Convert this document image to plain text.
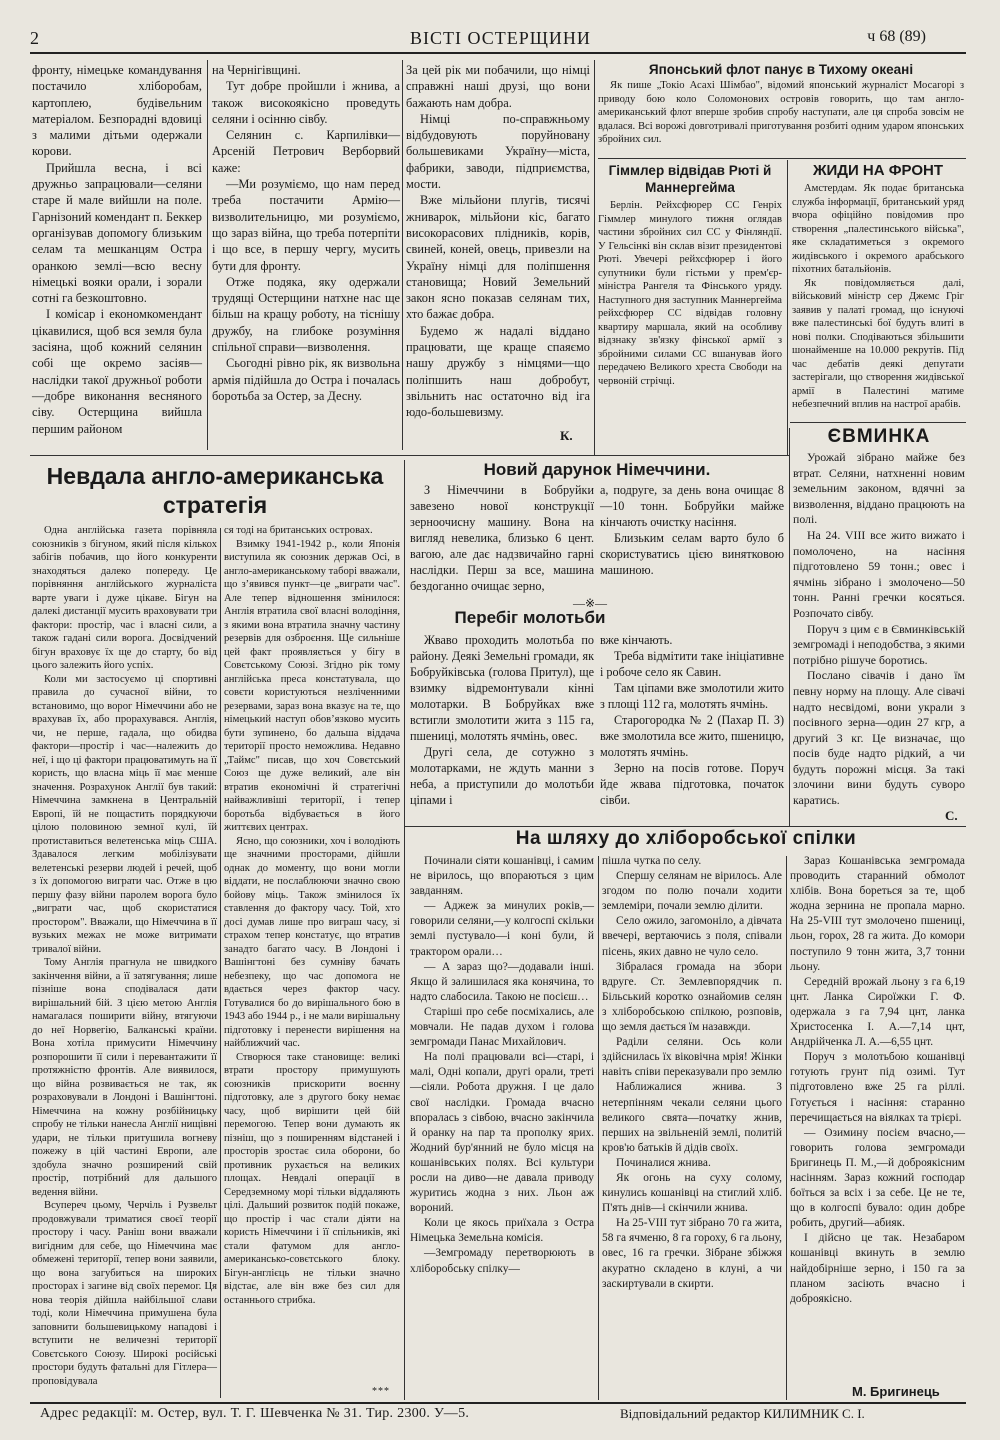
2	ВІСТІ ОСТЕРЩИНИ	ч 68 (89)

фронту, німецьке командування постачило хліборобам, картоплею, будівельним матеріалом. Безпорадні вдовиці з малими дітьми одержали корови.

Прийшла весна, і всі дружньо запрацювали—селяни старе й мале вийшли на поле. Гарнізоний комендант п. Беккер організував допомогу близьким селам та мешканцям Остра оранкою землі—всю весну німецькі вояки орали, і зорали сотні га безкоштовно.

І комісар і економкомендант цікавилися, щоб вся земля була засіяна, щоб кожний селянин собі ще окремо засіяв—наслідки такої дружньої роботи—добре виконання весняного сіву. Остерщина вийшла першим районом

на Чернігівщині.

Тут добре пройшли і жнива, а також високоякісно проведуть селяни і осінню сівбу.

Селянин с. Карпилівки—Арсеній Петрович Верборвий каже:

—Ми розуміємо, що нам перед треба постачити Армію—визволительницю, ми розуміємо, що зараз війна, що треба потерпіти і що все, в першу чергу, мусить бути для фронту.

Отже подяка, яку одержали трудящі Остерщини натхне нас ще більш на кращу роботу, на тіснішу дружбу, на глибоке розуміння спільної справи—визволення.

Сьогодні рівно рік, як визвольна армія підійшла до Остра і почалась боротьба за Остер, за Десну.

За цей рік ми побачили, що німці справжні наші друзі, що вони бажають нам добра.

Німці по-справжньому відбудовують поруйновану большевиками Україну—міста, фабрики, заводи, підприємства, мости.

Вже мільйони плугів, тисячі жниварок, мільйони кіс, багато високорасових плідників, корів, свиней, коней, овець, привезли на Україну німці для поліпшення становища; Новий Земельний закон ясно показав селянам тих, хто бажає добра.

Будемо ж надалі віддано працювати, ще краще спаяємо нашу дружбу з німцями—що поліпшить наш добробут, звільнить нас остаточно від іга юдо-большевизму.

К.
Японський флот панує в Тихому океані

Як пише „Токіо Асахі Шімбао", відомий японський журналіст Мосагорі з приводу бою коло Соломонових островів говорить, що там англо-американський флот вперше зробив спробу наступати, але ця спроба зовсім не вдалася. Всі ворожі довготривалі приготування розбиті одним ударом японських збройних сил.

Гіммлер відвідав Рюті й Маннергейма

Берлін. Рейхсфюрер СС Генріх Гіммлер минулого тижня оглядав частини збройних сил СС у Фінляндії. У Гельсінкі він склав візит президентові Рюті. Увечері рейхсфюрер і його супутники були гістьми у прем'єр-міністра Рангеля та Фінського уряду. Наступного дня заступник Маннергейма рейхсфюрер СС відвідав головну квартиру маршала, який на особливу відзнаку зв'язку фінської армії з збройними силами СС вшанував його передачею Великого хреста Свободи на червоній стрічці.

ЖИДИ НА ФРОНТ

Амстердам. Як подає британська служба інформації, британський уряд вчора офіційно повідомив про створення „палестинського війська", яке складатиметься з окремого жидівського і окремого арабського піхотних батальйонів.

Як повідомляється далі, військовий міністр сер Джемс Гріг заявив у палаті громад, що існуючі вже палестинські бої будуть влиті в нові полки. Сподіваються збільшити шонайменше на 10.000 рекрутів. Під час дебатів деякі депутати застерігали, що створення жидівської армії в Палестині матиме небезпечний вплив на настрої арабів.

Невдала англо-американська
стратегія

Одна англійська газета порівняла союзників з бігуном, який після кількох забігів побачив, що його конкуренти знаходяться далеко попереду. Це порівняння англійського журналіста варте уваги і дуже цікаве. Бігун на далекі дистанції мусить враховувати три фактори: простір, час і власні сили, а також гадані сили ворога. Досвідчений бігун враховує їх ще до старту, бо від цього залежить його успіх.

Коли ми застосуємо ці спортивні правила до сучасної війни, то встановимо, що ворог Німеччини або не врахував їх, або прорахувався. Англія, чи, не перше, гадала, що обидва фактори—простір і час—належить до неї, і що ці фактори працюватимуть на її користь, що власна міць її має менше значення. Розрахунок Англії був такий: Німеччина замкнена в Центральній Европі, їй не пощастить порядкуючи цілою половиною земної кулі, їй протиставиться велетенська міць США. Здавалося легким мобілізувати велетенські резерви людей і речей, щоб з їх допомогою виграти час. Отже в цю першу фазу війни паролем ворога було „виграти час, щоб скористатися простором". Вважали, що Німеччина в її вузьких межах не може витримати тривалої війни.

Тому Англія прагнула не швидкого закінчення війни, а її затягування; лише пізніше вона сподівалася дати вирішальний бій. З цією метою Англія намагалася поширити війну, втягуючи до неї Норвегію, Балканські країни. Вона хотіла примусити Німеччину розпорошити її сили і перевантажити її протяжністю фронтів. Але виявилося, що війна розвивається не так, як розраховували в Лондоні і Вашінгтоні. Німеччина на кожну розбійницьку спробу не тільки нанесла Англії нищівні удари, не тільки притушила вогневу пожежу в цій частині Европи, але здобула значно розширений свій простір, потрібний для дальшого ведення війни.

Всупереч цьому, Черчіль і Рузвельт продовжували триматися своєї теорії простору і часу. Раніш вони вважали вигідним для себе, що Німеччина має обмежені території, тепер вони заявили, що вона загубиться на широких просторах і загине від своїх перемог. Ця нова теорія дійшла найбільшої слави тоді, коли Німеччина примушена була заповнити большевицькому нападові і вступити не величезні території Совєтського Союзу. Широкі російські простори будуть фатальні для Гітлера—проповідувала

ся тоді на британських островах.

Взимку 1941-1942 р., коли Японія виступила як союзник держав Осі, в англо-американському таборі вважали, що з’явився пункт—це „виграти час". Але тепер відношення змінилося: Англія втратила свої власні володіння, з якими вона втратила значну частину резервів для озброєння. Ще сильніше цей факт проявляється у бігу в Совєтському Союзі. Згідно рік тому англійська преса констатувала, що совєти користуються незліченними резервами, зараз вона вказує на те, що німецький наступ обов’язково мусить бути зупинено, бо дальша віддача території просто неможлива. Недавно „Таймс" писав, що хоч Совєтський Союз ще дуже великий, але він втратив економічні й стратегічні найважливіші території, і тепер боротьба відбувається в його життєвих центрах.

Ясно, що союзники, хоч і володіють ще значними просторами, дійшли однак до моменту, що вони могли віддати, не послаблюючи значно свою бойову міць. Також змінилося їх ставлення до фактору часу. Той, хто досі думав лише про виграш часу, зі страхом тепер констатує, що втратив занадто багато часу. В Лондоні і Вашінгтоні без сумніву бачать небезпеку, що час допомога не вдається через фактор часу. Готувалися бо до вирішального бою в 1943 або 1944 р., і не мали вирішальну підготовку і перенести вирішення на найближчий час.

Створюся таке становище: великі втрати простору примушують союзників прискорити воєнну підготовку, але з другого боку немає часу, щоб вирішити цей бій перемогою. Тепер вони думають як пізніш, що з поширенням відстаней і просторів зростає сила оборони, бо противник рухається на великих площах. Невдалі операції в Середземному морі тільки віддаляють цілі. Дальший розвиток подій покаже, що простір і час стали діяти на користь Німеччини і її спільників, які стали фатумом для англо-американсько-совєтського блоку. Бігун-англієць не тільки значно відстає, але він вже без сил для останнього стрибка.

***
Новий дарунок Німеччини.

З Німеччини в Бобруйки завезено нової конструкції зерноочисну машину. Вона на вигляд невелика, близько 6 цент. вагою, але дає надзвичайно гарні наслідки. Перш за все, машина бездоганно очищає зерно,

а, подруге, за день вона очищає 8—10 тонн. Бобруйки майже кінчають очистку насіння.

Близьким селам варто було б скористуватись цією винятковою машиною.

—※—
Перебіг молотьби

Жваво проходить молотьба по району. Деякі Земельні громади, як Бобруйківська (голова Притул), ще взимку відремонтували кінні молотарки. В Бобруйках вже встигли змолотити жита з 115 га, пшениці, молотять ячмінь, овес.

Другі села, де сотужно з молотарками, не ждуть манни з неба, а приступили до молотьби ціпами і

вже кінчають.

Треба відмітити таке ініціативне і робоче село як Савин.

Там ціпами вже змолотили жито з площі 112 га, молотять ячмінь.

Старогородка № 2 (Пахар П. З) вже змолотила все жито, пшеницю, молотять ячмінь.

Зерно на посів готове. Поруч йде жвава підготовка, початок сівби.

ЄВМИНКА

Урожай зібрано майже без втрат. Селяни, натхненні новим земельним законом, вдячні за визволення, віддано працюють на полі.

На 24. VIII все жито вижато і помолочено, на насіння підготовлено 59 тонн.; овес і ячмінь зібрано і змолочено—50 тонн. Ранні гречки косяться. Розпочато сівбу.

Поруч з цим є в Євминківській земгромаді і неподобства, з якими потрібно рішуче боротись.

Послано сівачів і дано їм певну норму на площу. Але сівачі надто несвідомі, вони украли з посівного зерна—один 27 кгр, а другий 3 кг. Це визначає, що посів буде надто рідкий, а чи будуть порожні місця. За такі злочини вини будуть суворо каратись.

С.
На шляху до хліборобської спілки

Починали сіяти кошанівці, і самим не вірилось, що впораються з цим завданням.

— Аджеж за минулих років,—говорили селяни,—у колгоспі скільки землі пустувало—і коні були, й трактором орали…

— А зараз що?—додавали інші. Якщо й залишилася яка конячина, то надто слабосила. Такою не посієш…

Старіші про себе посміхались, але мовчали. Не падав духом і голова земгромади Панас Михайлович.

На полі працювали всі—старі, і малі, Одні копали, другі орали, треті—сіяли. Робота дружня. І це дало свої наслідки. Громада вчасно впоралась з сівбою, вчасно закінчила й оранку на пар та прополку ярих. Жодний бур'янний не було місця на кошанівських полях. Всі культури росли на диво—не давала приводу журитись жодна з них. Льон аж вороний.

Коли це якось приїхала з Остра Німецька Земельна комісія.

—Земгромаду перетворюють в хліборобську спілку—

пішла чутка по селу.

Спершу селянам не вірилось. Але згодом по полю почали ходити землеміри, почали землю ділити.

Село ожило, загомоніло, а дівчата ввечері, вертаючись з поля, співали пісень, яких давно не чуло село.

Зібралася громада на збори вдруге. Ст. Землевпорядчик п. Більський коротко ознайомив селян з хліборобською спілкою, розповів, що земля дається їм назавжди.

Раділи селяни. Ось коли здійснилась їх віковічна мрія! Жінки навіть співи переказували про землю

Наближалися жнива. З нетерпінням чекали селяни цього великого свята—початку жнив, перших на звільненій землі, политій кров'ю батьків й дідів своїх.

Починалися жнива.

Як огонь на суху солому, кинулись кошанівці на стиглий хліб. П'ять днів—і скінчили жнива.

На 25-VIII тут зібрано 70 га жита, 58 га ячменю, 8 га гороху, 6 га льону, овес, 16 га гречки. Зібране збіжжя акуратно складено в клуні, а чи заскиртували в скирти.

Зараз Кошанівська земгромада проводить старанний обмолот хлібів. Вона бореться за те, щоб жодна зернина не пропала марно. На 25-VIII тут змолочено пшениці, льон, горох, 28 га жита. До комори поступило 9 тонн жита, 3,7 тонни льону.

Середній врожай льону з га 6,19 цнт. Ланка Сироїжки Г. Ф. одержала з га 7,94 цнт, ланка Христосенка І. А.—7,14 цнт, Андрійченка Л. А.—6,55 цнт.

Поруч з молотьбою кошанівці готують грунт під озимі. Тут підготовлено вже 25 га ріллі. Готується і насіння: старанно перечищається на віялках та трієрі.

— Озимину посієм вчасно,—говорить голова земгромади Бригинець П. М.,—й доброякісним насінням. Зараз кожний господар боїться за всіх і за себе. Це не те, що в колгоспі бувало: один добре робить, другий—абияк.

І дійсно це так. Незабаром кошанівці вкинуть в землю найдобірніше зерно, і 150 га за планом засіють вчасно і доброякісно.

М. Бригинець
Адрес редакції: м. Остер, вул. Т. Г. Шевченка № 31. Тир. 2300. У—5.	Відповідальний редактор КИЛИМНИК С. І.
